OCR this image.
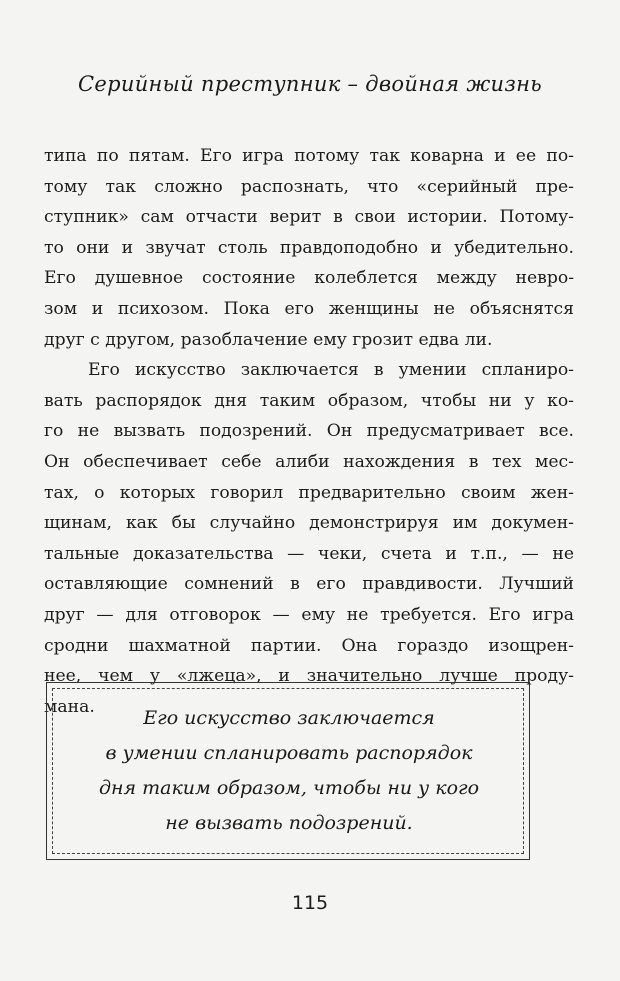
Серийный преступник – двойная жизнь
типа по пятам. Его игра потому так коварна и ее по-
тому так сложно распознать, что «серийный пре-
ступник» сам отчасти верит в свои истории. Потому-
то они и звучат столь правдоподобно и убедительно.
Его душевное состояние колеблется между невро-
зом и психозом. Пока его женщины не объяснятся
друг с другом, разоблачение ему грозит едва ли.
Его искусство заключается в умении спланиро-
вать распорядок дня таким образом, чтобы ни у ко-
го не вызвать подозрений. Он предусматривает все.
Он обеспечивает себе алиби нахождения в тех мес-
тах, о которых говорил предварительно своим жен-
щинам, как бы случайно демонстрируя им докумен-
тальные доказательства — чеки, счета и т.п., — не
оставляющие сомнений в его правдивости. Лучший
друг — для отговорок — ему не требуется. Его игра
сродни шахматной партии. Она гораздо изощрен-
нее, чем у «лжеца», и значительно лучше проду-
мана.
Его искусство заключается
в умении спланировать распорядок
дня таким образом, чтобы ни у кого
не вызвать подозрений.
115
